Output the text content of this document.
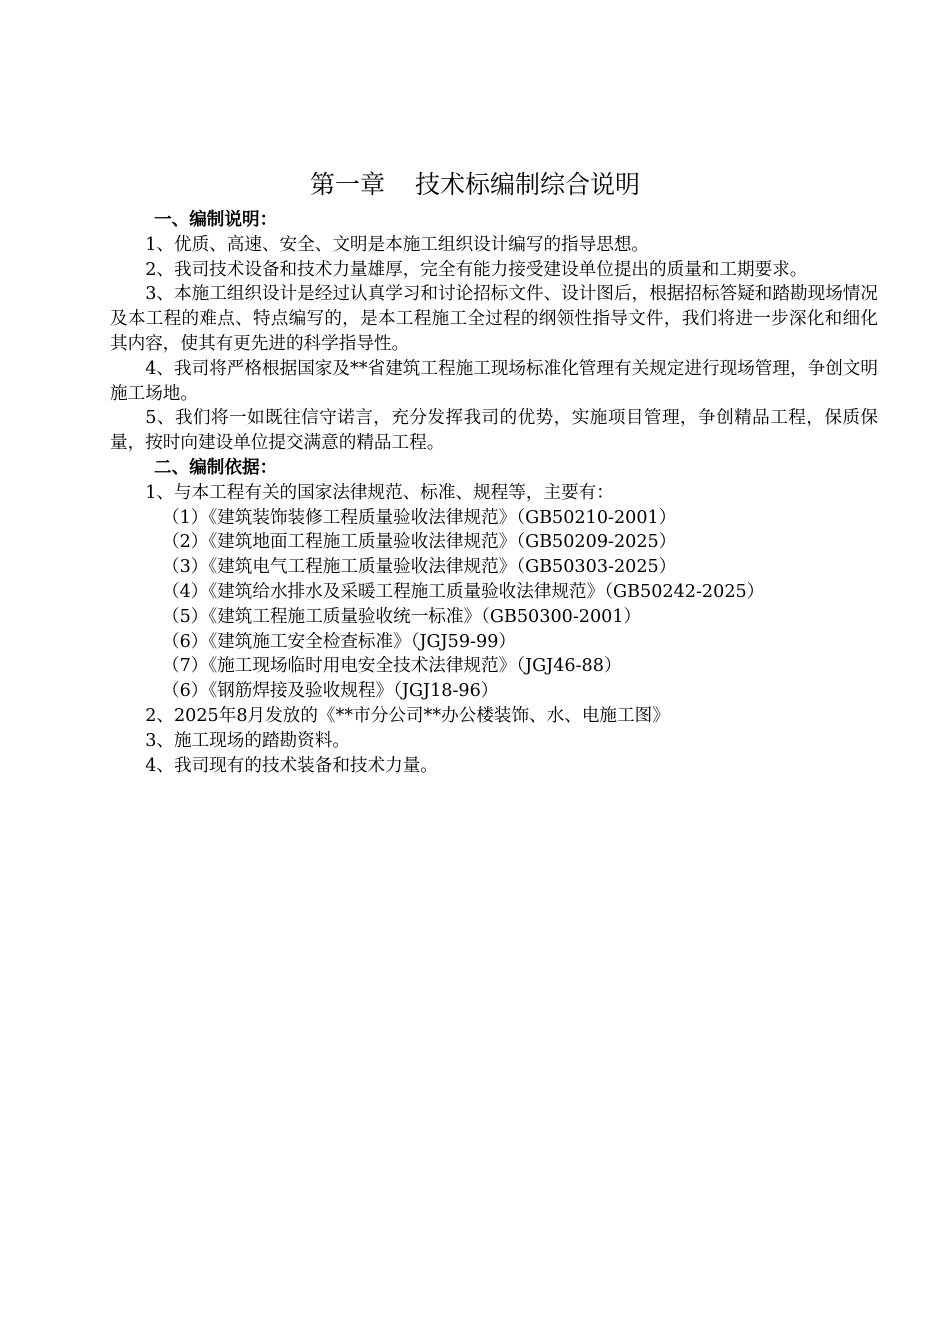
第一章 技术标编制综合说明

一、编制说明：

1、优质、高速、安全、文明是本施工组织设计编写的指导思想。

2、我司技术设备和技术力量雄厚，完全有能力接受建设单位提出的质量和工期要求。

3、本施工组织设计是经过认真学习和讨论招标文件、设计图后，根据招标答疑和踏勘现场情况及本工程的难点、特点编写的，是本工程施工全过程的纲领性指导文件，我们将进一步深化和细化其内容，使其有更先进的科学指导性。

4、我司将严格根据国家及**省建筑工程施工现场标准化管理有关规定进行现场管理，争创文明施工场地。

5、我们将一如既往信守诺言，充分发挥我司的优势，实施项目管理，争创精品工程，保质保量，按时向建设单位提交满意的精品工程。

二、编制依据：

1、与本工程有关的国家法律规范、标准、规程等，主要有：

（1）《建筑装饰装修工程质量验收法律规范》（GB50210-2001）

（2）《建筑地面工程施工质量验收法律规范》（GB50209-2025）

（3）《建筑电气工程施工质量验收法律规范》（GB50303-2025）

（4）《建筑给水排水及采暖工程施工质量验收法律规范》（GB50242-2025）

（5）《建筑工程施工质量验收统一标准》（GB50300-2001）

（6）《建筑施工安全检查标准》（JGJ59-99）

（7）《施工现场临时用电安全技术法律规范》（JGJ46-88）

（6）《钢筋焊接及验收规程》（JGJ18-96）

2、2025年8月发放的《**市分公司**办公楼装饰、水、电施工图》

3、施工现场的踏勘资料。

4、我司现有的技术装备和技术力量。
